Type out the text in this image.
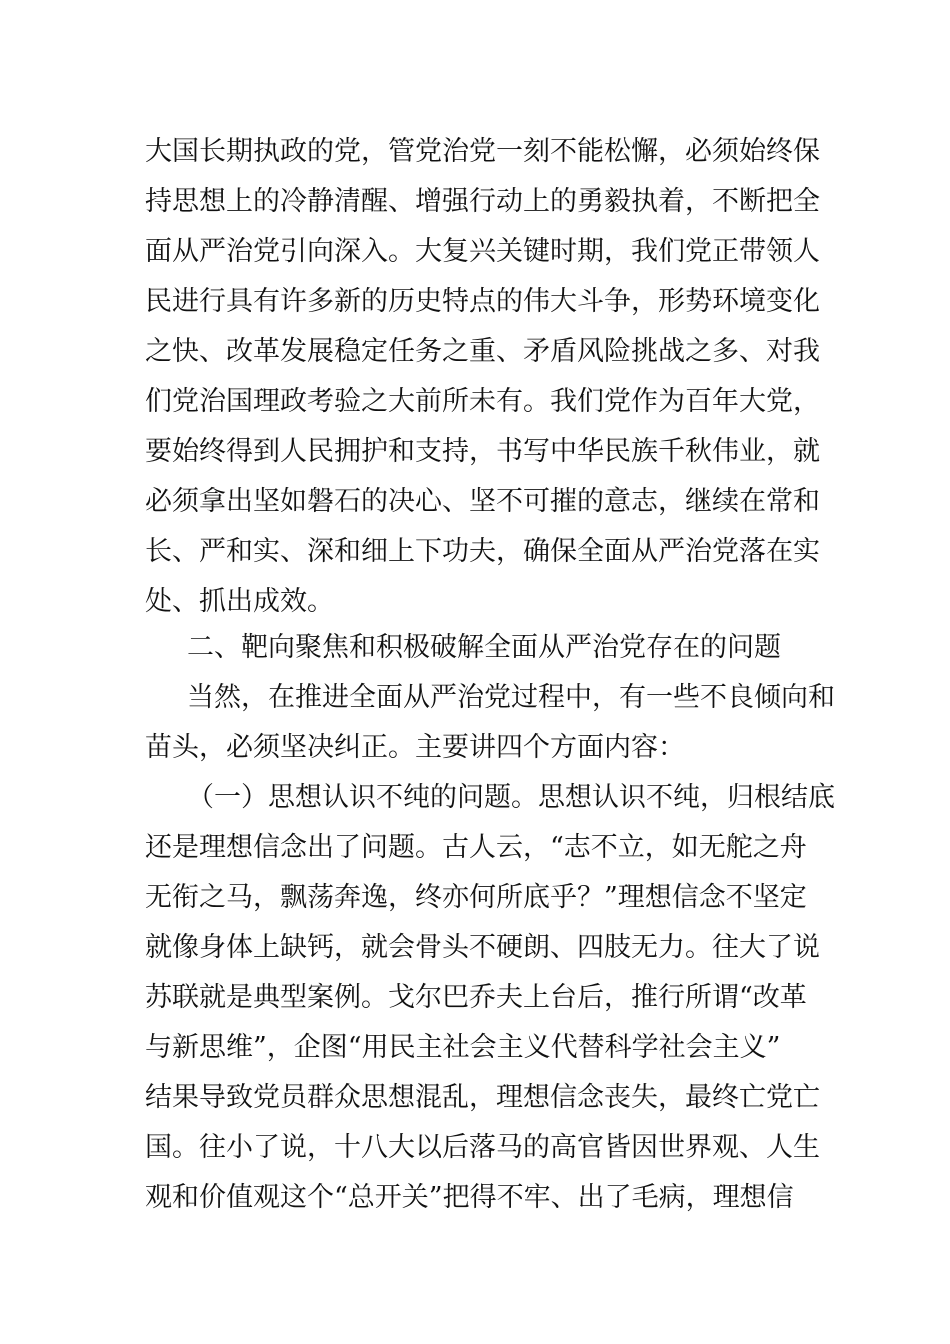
大国长期执政的党，管党治党一刻不能松懈，必须始终保
持思想上的冷静清醒、增强行动上的勇毅执着，不断把全
面从严治党引向深入。大复兴关键时期，我们党正带领人
民进行具有许多新的历史特点的伟大斗争，形势环境变化
之快、改革发展稳定任务之重、矛盾风险挑战之多、对我
们党治国理政考验之大前所未有。我们党作为百年大党，
要始终得到人民拥护和支持，书写中华民族千秋伟业，就
必须拿出坚如磐石的决心、坚不可摧的意志，继续在常和
长、严和实、深和细上下功夫，确保全面从严治党落在实
处、抓出成效。
二、靶向聚焦和积极破解全面从严治党存在的问题
当然，在推进全面从严治党过程中，有一些不良倾向和
苗头，必须坚决纠正。主要讲四个方面内容：
（一）思想认识不纯的问题。思想认识不纯，归根结底
还是理想信念出了问题。古人云，“志不立，如无舵之舟
无衔之马，飘荡奔逸，终亦何所底乎？”理想信念不坚定
就像身体上缺钙，就会骨头不硬朗、四肢无力。往大了说
苏联就是典型案例。戈尔巴乔夫上台后，推行所谓“改革
与新思维”，企图“用民主社会主义代替科学社会主义”
结果导致党员群众思想混乱，理想信念丧失，最终亡党亡
国。往小了说，十八大以后落马的高官皆因世界观、人生
观和价值观这个“总开关”把得不牢、出了毛病，理想信
